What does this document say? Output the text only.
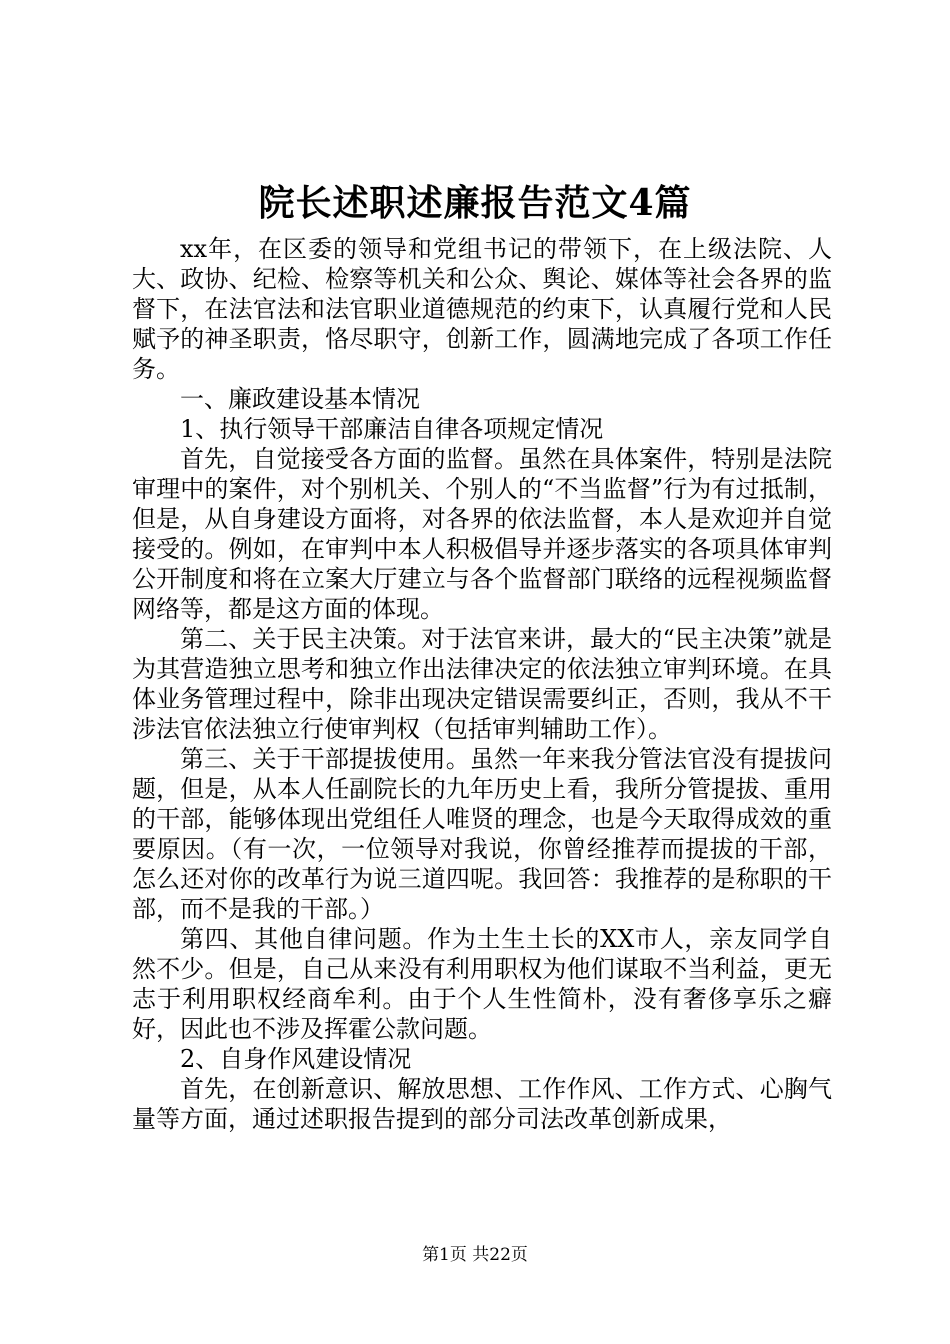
院长述职述廉报告范文4篇

xx年，在区委的领导和党组书记的带领下，在上级法院、人大、政协、纪检、检察等机关和公众、舆论、媒体等社会各界的监督下，在法官法和法官职业道德规范的约束下，认真履行党和人民赋予的神圣职责，恪尽职守，创新工作，圆满地完成了各项工作任务。

一、廉政建设基本情况

1、执行领导干部廉洁自律各项规定情况

首先，自觉接受各方面的监督。虽然在具体案件，特别是法院审理中的案件，对个别机关、个别人的“不当监督”行为有过抵制，但是，从自身建设方面将，对各界的依法监督，本人是欢迎并自觉接受的。例如，在审判中本人积极倡导并逐步落实的各项具体审判公开制度和将在立案大厅建立与各个监督部门联络的远程视频监督网络等，都是这方面的体现。

第二、关于民主决策。对于法官来讲，最大的“民主决策”就是为其营造独立思考和独立作出法律决定的依法独立审判环境。在具体业务管理过程中，除非出现决定错误需要纠正，否则，我从不干涉法官依法独立行使审判权（包括审判辅助工作）。

第三、关于干部提拔使用。虽然一年来我分管法官没有提拔问题，但是，从本人任副院长的九年历史上看，我所分管提拔、重用的干部，能够体现出党组任人唯贤的理念，也是今天取得成效的重要原因。（有一次，一位领导对我说，你曾经推荐而提拔的干部，怎么还对你的改革行为说三道四呢。我回答：我推荐的是称职的干部，而不是我的干部。）

第四、其他自律问题。作为土生土长的XX市人，亲友同学自然不少。但是，自己从来没有利用职权为他们谋取不当利益，更无志于利用职权经商牟利。由于个人生性简朴，没有奢侈享乐之癖好，因此也不涉及挥霍公款问题。

2、自身作风建设情况

首先，在创新意识、解放思想、工作作风、工作方式、心胸气量等方面，通过述职报告提到的部分司法改革创新成果，

第1页 共22页
